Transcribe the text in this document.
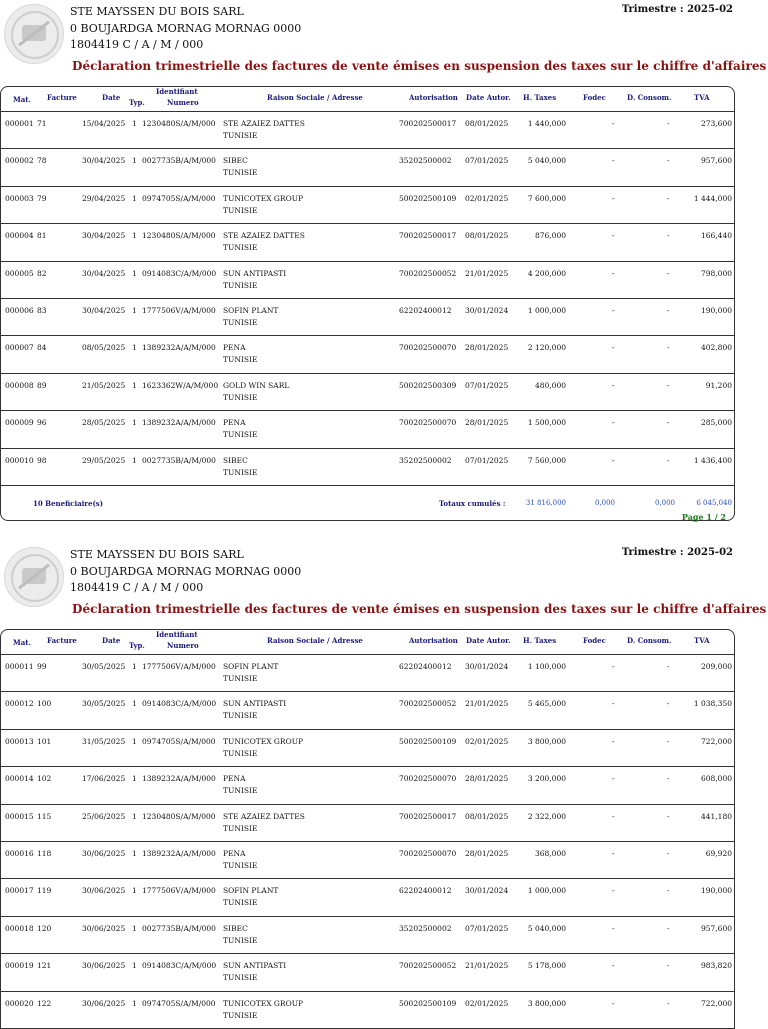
STE MAYSSEN DU BOIS SARL
0 BOUJARDGA MORNAG MORNAG 0000
1804419 C / A / M / 000
Trimestre : 2025-02
Déclaration trimestrielle des factures de vente émises en suspension des taxes sur le chiffre d'affaires
Mat. Facture	Date
Identifiant
Typ.	Numero
Raison Sociale / Adresse	Autorisation Date Autor. H. Taxes	Fodec	D. Consom.	TVA
000001 71	15/04/2025 1 1230480S/A/M/000 STE AZAIEZ DATTES
TUNISIE
700202500017 08/01/2025	1 440,000	-	-	273,600
000002 78	30/04/2025 1 0027735B/A/M/000 SIBEC
TUNISIE
35202500002 07/01/2025	5 040,000	-	-	957,600
000003 79	29/04/2025 1 0974705S/A/M/000 TUNICOTEX GROUP
TUNISIE
500202500109 02/01/2025	7 600,000	-	-	1 444,000
000004 81	30/04/2025 1 1230480S/A/M/000 STE AZAIEZ DATTES
TUNISIE
700202500017 08/01/2025	876,000	-	-	166,440
000005 82	30/04/2025 1 0914083C/A/M/000 SUN ANTIPASTI
TUNISIE
700202500052 21/01/2025	4 200,000	-	-	798,000
000006 83	30/04/2025 1 1777506V/A/M/000 SOFIN PLANT
TUNISIE
62202400012 30/01/2024	1 000,000	-	-	190,000
000007 84	08/05/2025 1 1389232A/A/M/000 PENA
TUNISIE
700202500070 28/01/2025	2 120,000	-	-	402,800
000008 89	21/05/2025 1 1623362W/A/M/000 GOLD WIN SARL
TUNISIE
500202500309 07/01/2025	480,000	-	-	91,200
000009 96	28/05/2025 1 1389232A/A/M/000 PENA
TUNISIE
700202500070 28/01/2025	1 500,000	-	-	285,000
000010 98	29/05/2025 1 0027735B/A/M/000 SIBEC
TUNISIE
35202500002 07/01/2025	7 560,000	-	-	1 436,400
10 Beneficiaire(s)	Totaux cumulés :	31 816,000	0,000	0,000	6 045,040
Page 1 / 2
STE MAYSSEN DU BOIS SARL
0 BOUJARDGA MORNAG MORNAG 0000
1804419 C / A / M / 000
Trimestre : 2025-02
Déclaration trimestrielle des factures de vente émises en suspension des taxes sur le chiffre d'affaires
Mat. Facture	Date
Identifiant
Typ.	Numero
Raison Sociale / Adresse	Autorisation Date Autor. H. Taxes	Fodec	D. Consom.	TVA
000011 99	30/05/2025 1 1777506V/A/M/000 SOFIN PLANT
TUNISIE
62202400012 30/01/2024	1 100,000	-	-	209,000
000012 100	30/05/2025 1 0914083C/A/M/000 SUN ANTIPASTI
TUNISIE
700202500052 21/01/2025	5 465,000	-	-	1 038,350
000013 101	31/05/2025 1 0974705S/A/M/000 TUNICOTEX GROUP
TUNISIE
500202500109 02/01/2025	3 800,000	-	-	722,000
000014 102	17/06/2025 1 1389232A/A/M/000 PENA
TUNISIE
700202500070 28/01/2025	3 200,000	-	-	608,000
000015 115	25/06/2025 1 1230480S/A/M/000 STE AZAIEZ DATTES
TUNISIE
700202500017 08/01/2025	2 322,000	-	-	441,180
000016 118	30/06/2025 1 1389232A/A/M/000 PENA
TUNISIE
700202500070 28/01/2025	368,000	-	-	69,920
000017 119	30/06/2025 1 1777506V/A/M/000 SOFIN PLANT
TUNISIE
62202400012 30/01/2024	1 000,000	-	-	190,000
000018 120	30/06/2025 1 0027735B/A/M/000 SIBEC
TUNISIE
35202500002 07/01/2025	5 040,000	-	-	957,600
000019 121	30/06/2025 1 0914083C/A/M/000 SUN ANTIPASTI
TUNISIE
700202500052 21/01/2025	5 178,000	-	-	983,820
000020 122	30/06/2025 1 0974705S/A/M/000 TUNICOTEX GROUP
TUNISIE
500202500109 02/01/2025	3 800,000	-	-	722,000
